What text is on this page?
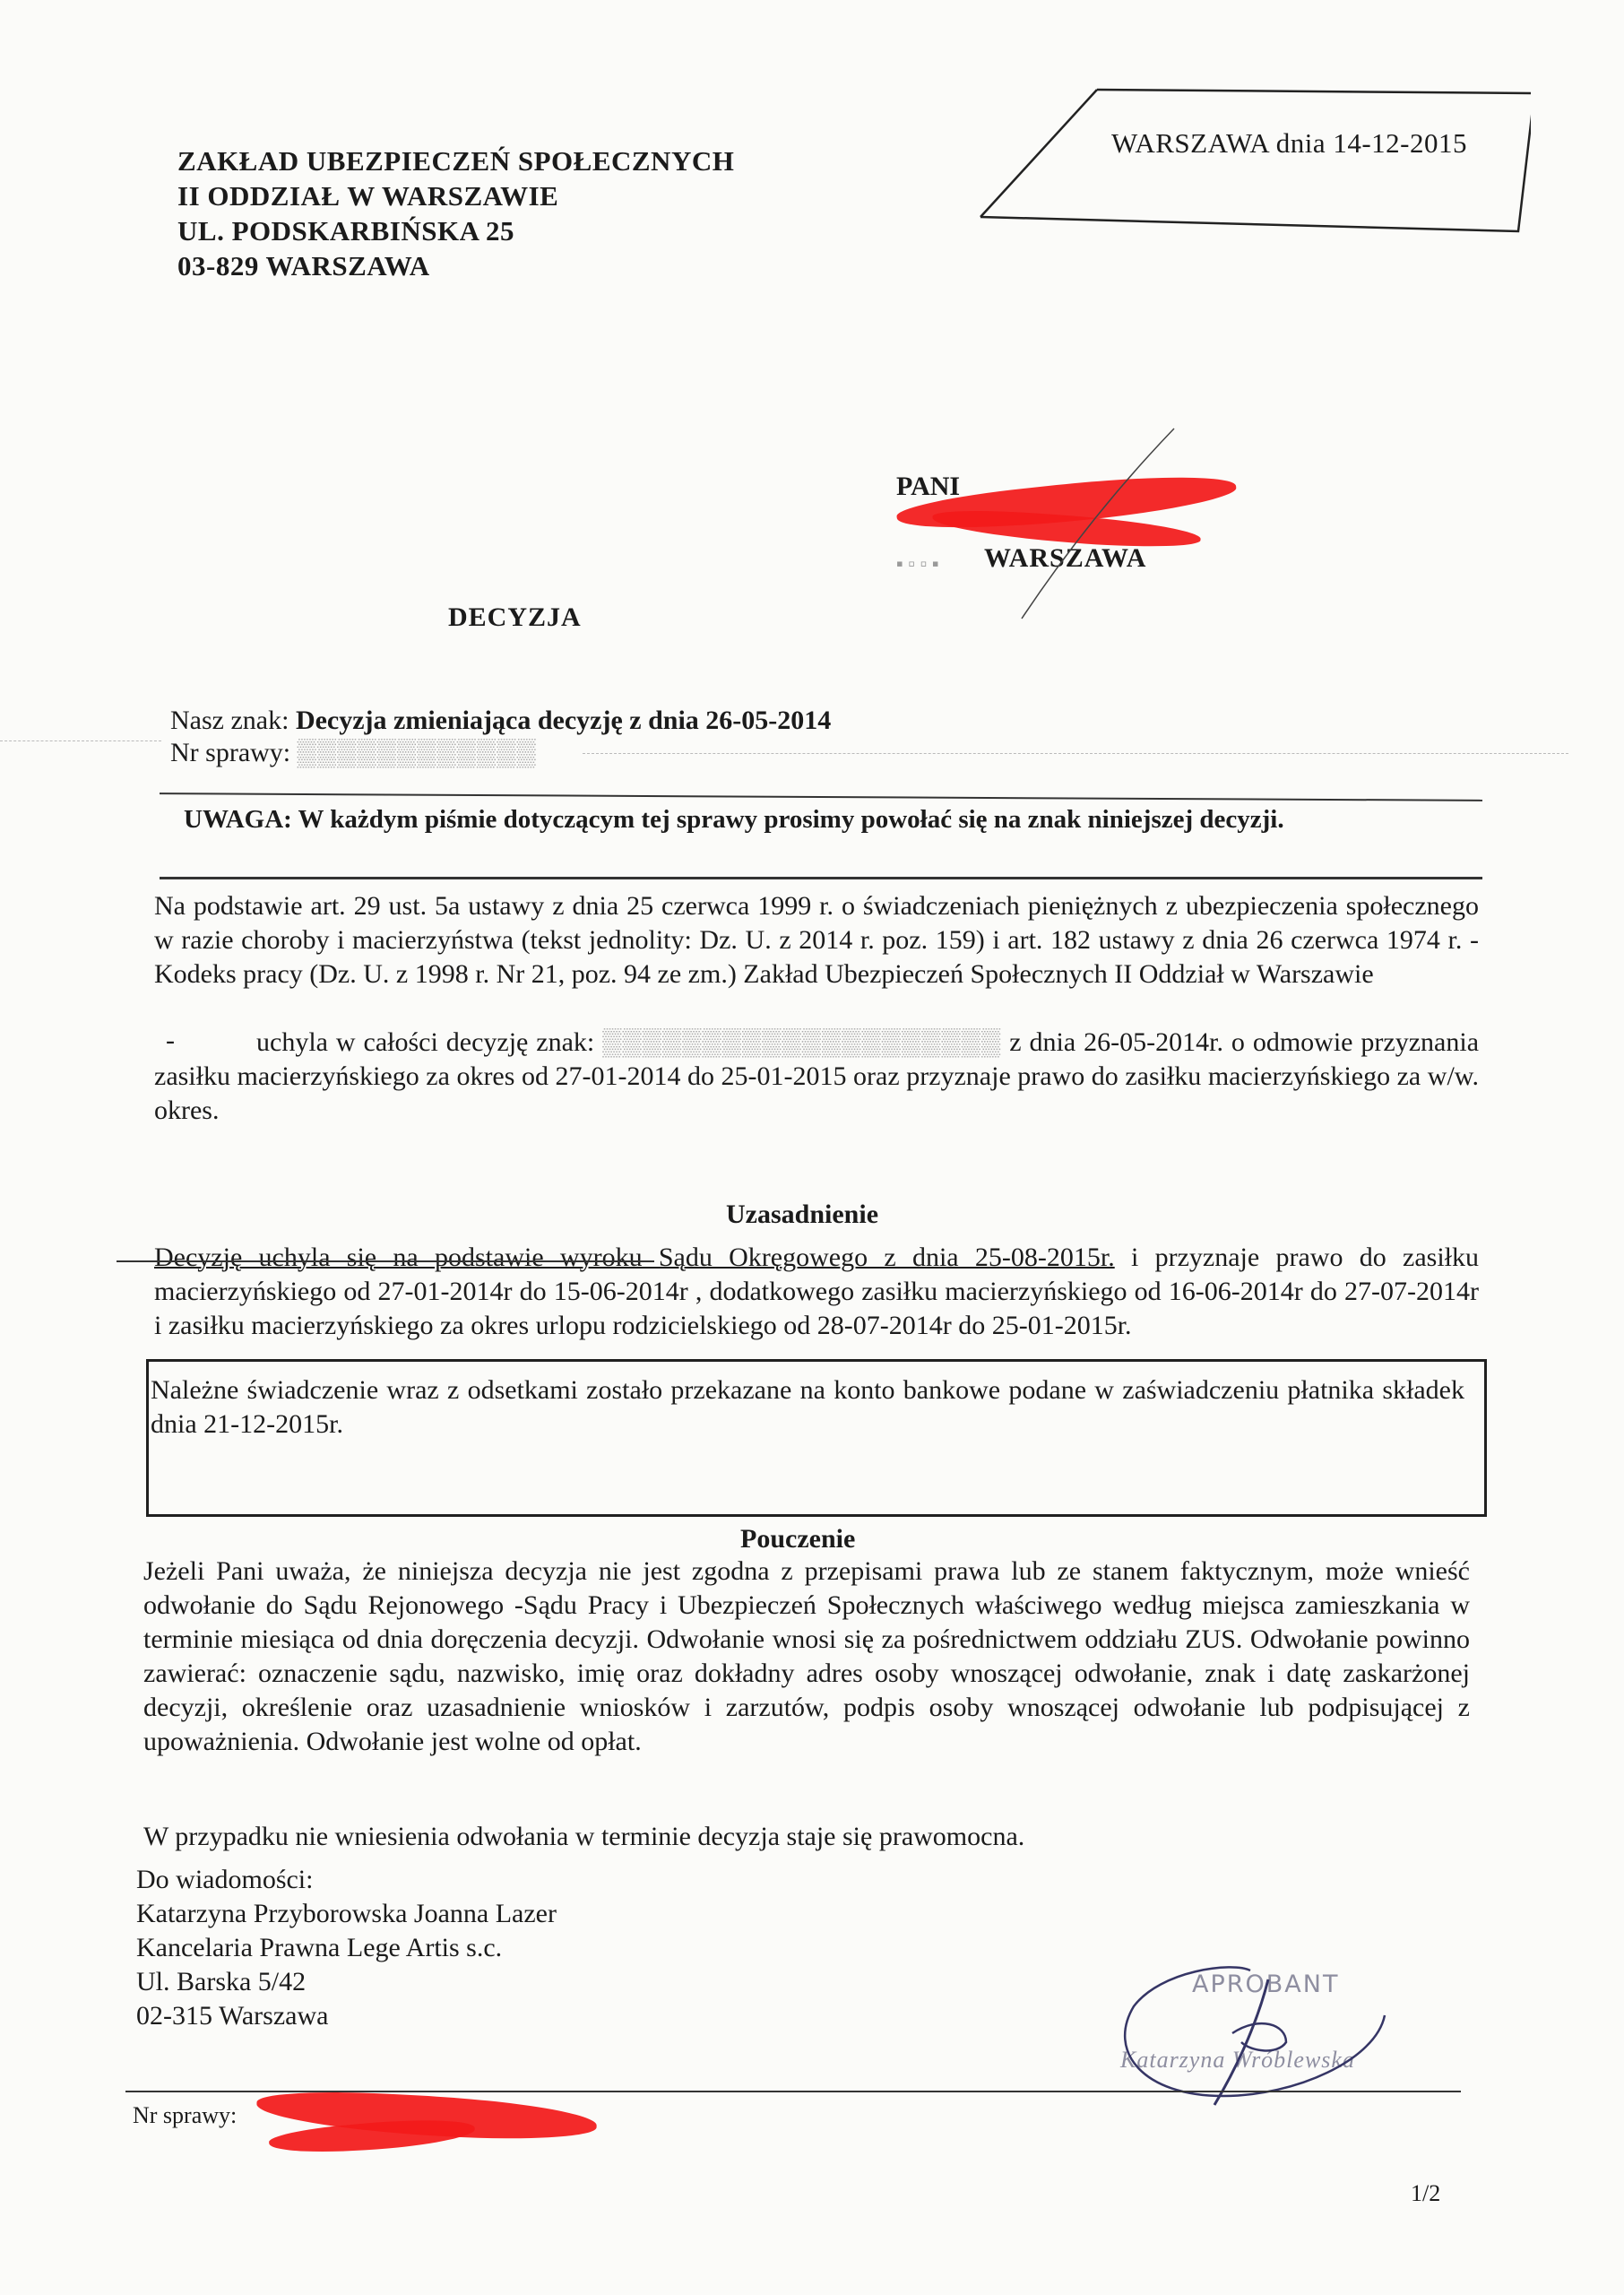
ZAKŁAD UBEZPIECZEŃ SPOŁECZNYCH
II ODDZIAŁ W WARSZAWIE
UL. PODSKARBIŃSKA 25
03-829 WARSZAWA
WARSZAWA dnia 14-12-2015
PANI
▪ ▫ ▫ ▪ WARSZAWA
DECYZJA
Nasz znak: Decyzja zmieniająca decyzję z dnia 26-05-2014
Nr sprawy: ▒▒▒▒▒▒▒▒▒▒▒▒
UWAGA: W każdym piśmie dotyczącym tej sprawy prosimy powołać się na znak niniejszej decyzji.
Na podstawie art. 29 ust. 5a ustawy z dnia 25 czerwca 1999 r. o świadczeniach pieniężnych z ubezpieczenia społecznego w razie choroby i macierzyństwa (tekst jednolity: Dz. U. z 2014 r. poz. 159) i art. 182 ustawy z dnia 26 czerwca 1974 r. - Kodeks pracy (Dz. U. z 1998 r. Nr 21, poz. 94 ze zm.) Zakład Ubezpieczeń Społecznych II Oddział w Warszawie
-	uchyla w całości decyzję znak: ▒▒▒▒▒▒▒▒▒▒▒▒▒▒▒▒▒▒▒▒ z dnia 26-05-2014r. o odmowie przyznania zasiłku macierzyńskiego za okres od 27-01-2014 do 25-01-2015 oraz przyznaje prawo do zasiłku macierzyńskiego za w/w. okres.
Uzasadnienie
Decyzję uchyla się na podstawie wyroku Sądu Okręgowego z dnia 25-08-2015r. i przyznaje prawo do zasiłku macierzyńskiego od 27-01-2014r do 15-06-2014r , dodatkowego zasiłku macierzyńskiego od 16-06-2014r do 27-07-2014r i zasiłku macierzyńskiego za okres urlopu rodzicielskiego od 28-07-2014r do 25-01-2015r.
Należne świadczenie wraz z odsetkami zostało przekazane na konto bankowe podane w zaświadczeniu płatnika składek dnia 21-12-2015r.
Pouczenie
Jeżeli Pani uważa, że niniejsza decyzja nie jest zgodna z przepisami prawa lub ze stanem faktycznym, może wnieść odwołanie do Sądu Rejonowego -Sądu Pracy i Ubezpieczeń Społecznych właściwego według miejsca zamieszkania w terminie miesiąca od dnia doręczenia decyzji. Odwołanie wnosi się za pośrednictwem oddziału ZUS. Odwołanie powinno zawierać: oznaczenie sądu, nazwisko, imię oraz dokładny adres osoby wnoszącej odwołanie, znak i datę zaskarżonej decyzji, określenie oraz uzasadnienie wniosków i zarzutów, podpis osoby wnoszącej odwołanie lub podpisującej z upoważnienia. Odwołanie jest wolne od opłat.
W przypadku nie wniesienia odwołania w terminie decyzja staje się prawomocna.
Do wiadomości:
Katarzyna Przyborowska Joanna Lazer
Kancelaria Prawna Lege Artis s.c.
Ul. Barska 5/42
02-315 Warszawa
APROBANT
Katarzyna Wróblewska
Nr sprawy:
1/2
